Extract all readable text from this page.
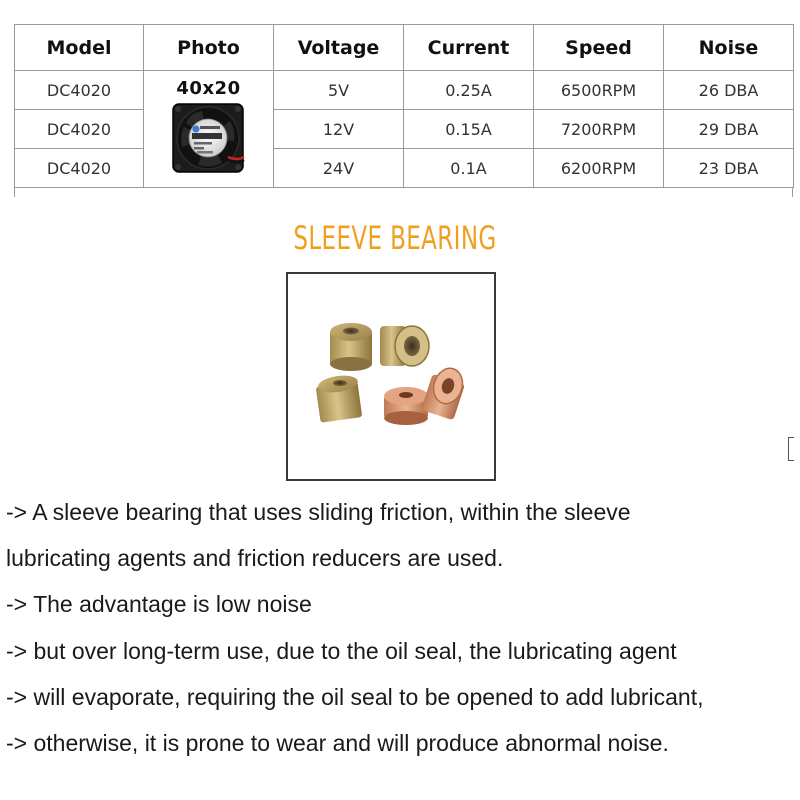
Model	Photo	Voltage	Current	Speed	Noise
DC4020	40x20	5V	0.25A	6500RPM	26 DBA
DC4020		12V	0.15A	7200RPM	29 DBA
DC4020		24V	0.1A	6200RPM	23 DBA
SLEEVE BEARING

-> A sleeve bearing that uses sliding friction, within the sleeve

lubricating agents and friction reducers are used.

-> The advantage is low noise

-> but over long-term use, due to the oil seal, the lubricating agent

-> will evaporate, requiring the oil seal to be opened to add lubricant,

-> otherwise, it is prone to wear and will produce abnormal noise.
